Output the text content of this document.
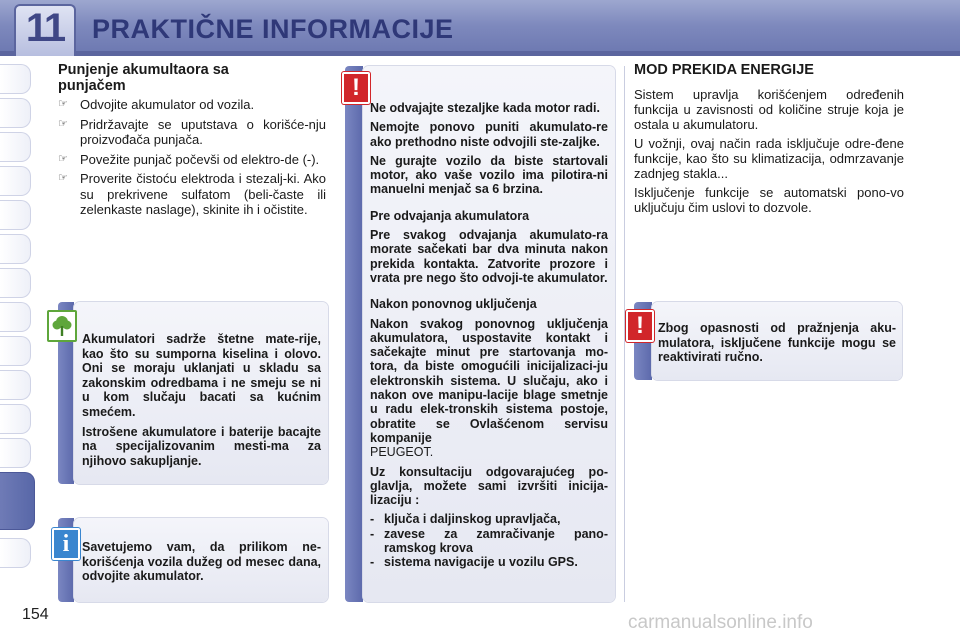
11	PRAKTIČNE INFORMACIJE
Punjenje akumultaora sa
punjačem
☞ Odvojite akumulator od vozila.
☞ Pridržavajte se uputstava o korišće-nju proizvođača punjača.
☞ Povežite punjač počevši od elektro-de (-).
☞ Proverite čistoću elektroda i stezalj-ki. Ako su prekrivene sulfatom (beli-časte ili zelenkaste naslage), skinite ih i očistite.

Akumulatori sadrže štetne mate-rije, kao što su sumporna kiselina i olovo. Oni se moraju uklanjati u skladu sa zakonskim odredbama i ne smeju se ni u kom slučaju bacati sa kućnim smećem.

Istrošene akumulatore i baterije bacajte na specijalizovanim mesti-ma za njihovo sakupljanje.

i	Savetujemo vam, da prilikom ne-korišćenja vozila dužeg od mesec dana, odvojite akumulator.
!

Ne odvajajte stezaljke kada motor radi.

Nemojte ponovo puniti akumulato-re ako prethodno niste odvojili ste-zaljke.

Ne gurajte vozilo da biste startovali motor, ako vaše vozilo ima pilotira-ni manuelni menjač sa 6 brzina.

Pre odvajanja akumulatora

Pre svakog odvajanja akumulato-ra morate sačekati bar dva minuta nakon prekida kontakta. Zatvorite prozore i vrata pre nego što odvoji-te akumulator.

Nakon ponovnog uključenja

Nakon svakog ponovnog uključenja akumulatora, uspostavite kontakt i sačekajte minut pre startovanja mo-tora, da biste omogućili inicijalizaci-ju elektronskih sistema. U slučaju, ako i nakon ove manipu-lacije blage smetnje u radu elek-tronskih sistema postoje, obratite se Ovlašćenom servisu kompanije

PEUGEOT.

Uz konsultaciju odgovarajućeg po-glavlja, možete sami izvršiti inicija-lizaciju :

- ključa i daljinskog upravljača,
- zavese za zamračivanje pano-ramskog krova
- sistema navigacije u vozilu GPS.
MOD PREKIDA ENERGIJE

Sistem upravlja korišćenjem određenih funkcija u zavisnosti od količine struje koja je ostala u akumulatoru.

U vožnji, ovaj način rada isključuje odre-đene funkcije, kao što su klimatizacija, odmrzavanje zadnjeg stakla...

Isključenje funkcije se automatski pono-vo uključuju čim uslovi to dozvole.

!	Zbog opasnosti od pražnjenja aku-mulatora, isključene funkcije mogu se reaktivirati ručno.
154	carmanualsonline.info
